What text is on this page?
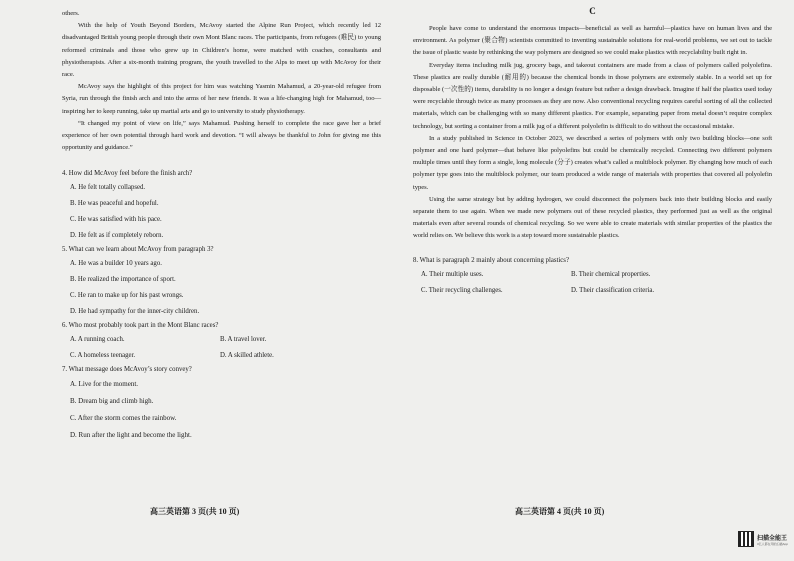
others.

With the help of Youth Beyond Borders, McAvoy started the Alpine Run Project, which recently led 12 disadvantaged British young people through their own Mont Blanc races. The participants, from refugees (难民) to young reformed criminals and those who grew up in Children’s home, were matched with coaches, consultants and physiotherapists. After a six-month training program, the youth travelled to the Alps to meet up with McAvoy for their race.

McAvoy says the highlight of this project for him was watching Yasmin Mahamud, a 20-year-old refugee from Syria, run through the finish arch and into the arms of her new friends. It was a life-changing high for Mahamud, too—inspiring her to keep running, take up martial arts and go to university to study physiotherapy.

“It changed my point of view on life,” says Mahamud. Pushing herself to complete the race gave her a brief experience of her own potential through hard work and devotion. “I will always be thankful to John for giving me this opportunity and guidance.”

4. How did McAvoy feel before the finish arch?

A. He felt totally collapsed.

B. He was peaceful and hopeful.

C. He was satisfied with his pace.

D. He felt as if completely reborn.

5. What can we learn about McAvoy from paragraph 3?

A. He was a builder 10 years ago.

B. He realized the importance of sport.

C. He ran to make up for his past wrongs.

D. He had sympathy for the inner-city children.

6. Who most probably took part in the Mont Blanc races?

A. A running coach.	B. A travel lover.

C. A homeless teenager.	D. A skilled athlete.

7. What message does McAvoy’s story convey?

A. Live for the moment.

B. Dream big and climb high.

C. After the storm comes the rainbow.

D. Run after the light and become the light.

高三英语第 3 页(共 10 页)
C

People have come to understand the enormous impacts—beneficial as well as harmful—plastics have on human lives and the environment. As polymer (聚合物) scientists committed to inventing sustainable solutions for real-world problems, we set out to tackle the issue of plastic waste by rethinking the way polymers are designed so we could make plastics with recyclability built right in.

Everyday items including milk jug, grocery bags, and takeout containers are made from a class of polymers called polyolefins. These plastics are really durable (耐用的) because the chemical bonds in those polymers are extremely stable. In a world set up for disposable (一次性的) items, durability is no longer a design feature but rather a design drawback. Imagine if half the plastics used today were recyclable through twice as many processes as they are now. Also conventional recycling requires careful sorting of all the collected materials, which can be challenging with so many different plastics. For example, separating paper from metal doesn’t require complex technology, but sorting a container from a milk jug of a different polyolefin is difficult to do without the occasional mistake.

In a study published in Science in October 2023, we described a series of polymers with only two building blocks—one soft polymer and one hard polymer—that behave like polyolefins but could be chemically recycled. Connecting two different polymers multiple times until they form a single, long molecule (分子) creates what’s called a multiblock polymer. By changing how much of each polymer type goes into the multiblock polymer, our team produced a wide range of materials with properties that covered all polyolefin types.

Using the same strategy but by adding hydrogen, we could disconnect the polymers back into their building blocks and easily separate them to use again. When we made new polymers out of these recycled plastics, they performed just as well as the original materials even after several rounds of chemical recycling. So we were able to create materials with similar properties of the plastics the world relies on. We believe this work is a step toward more sustainable plastics.

8. What is paragraph 2 mainly about concerning plastics?

A. Their multiple uses.	B. Their chemical properties.

C. Their recycling challenges.	D. Their classification criteria.

高三英语第 4 页(共 10 页)
扫描全能王
3亿人都在用的扫描App
